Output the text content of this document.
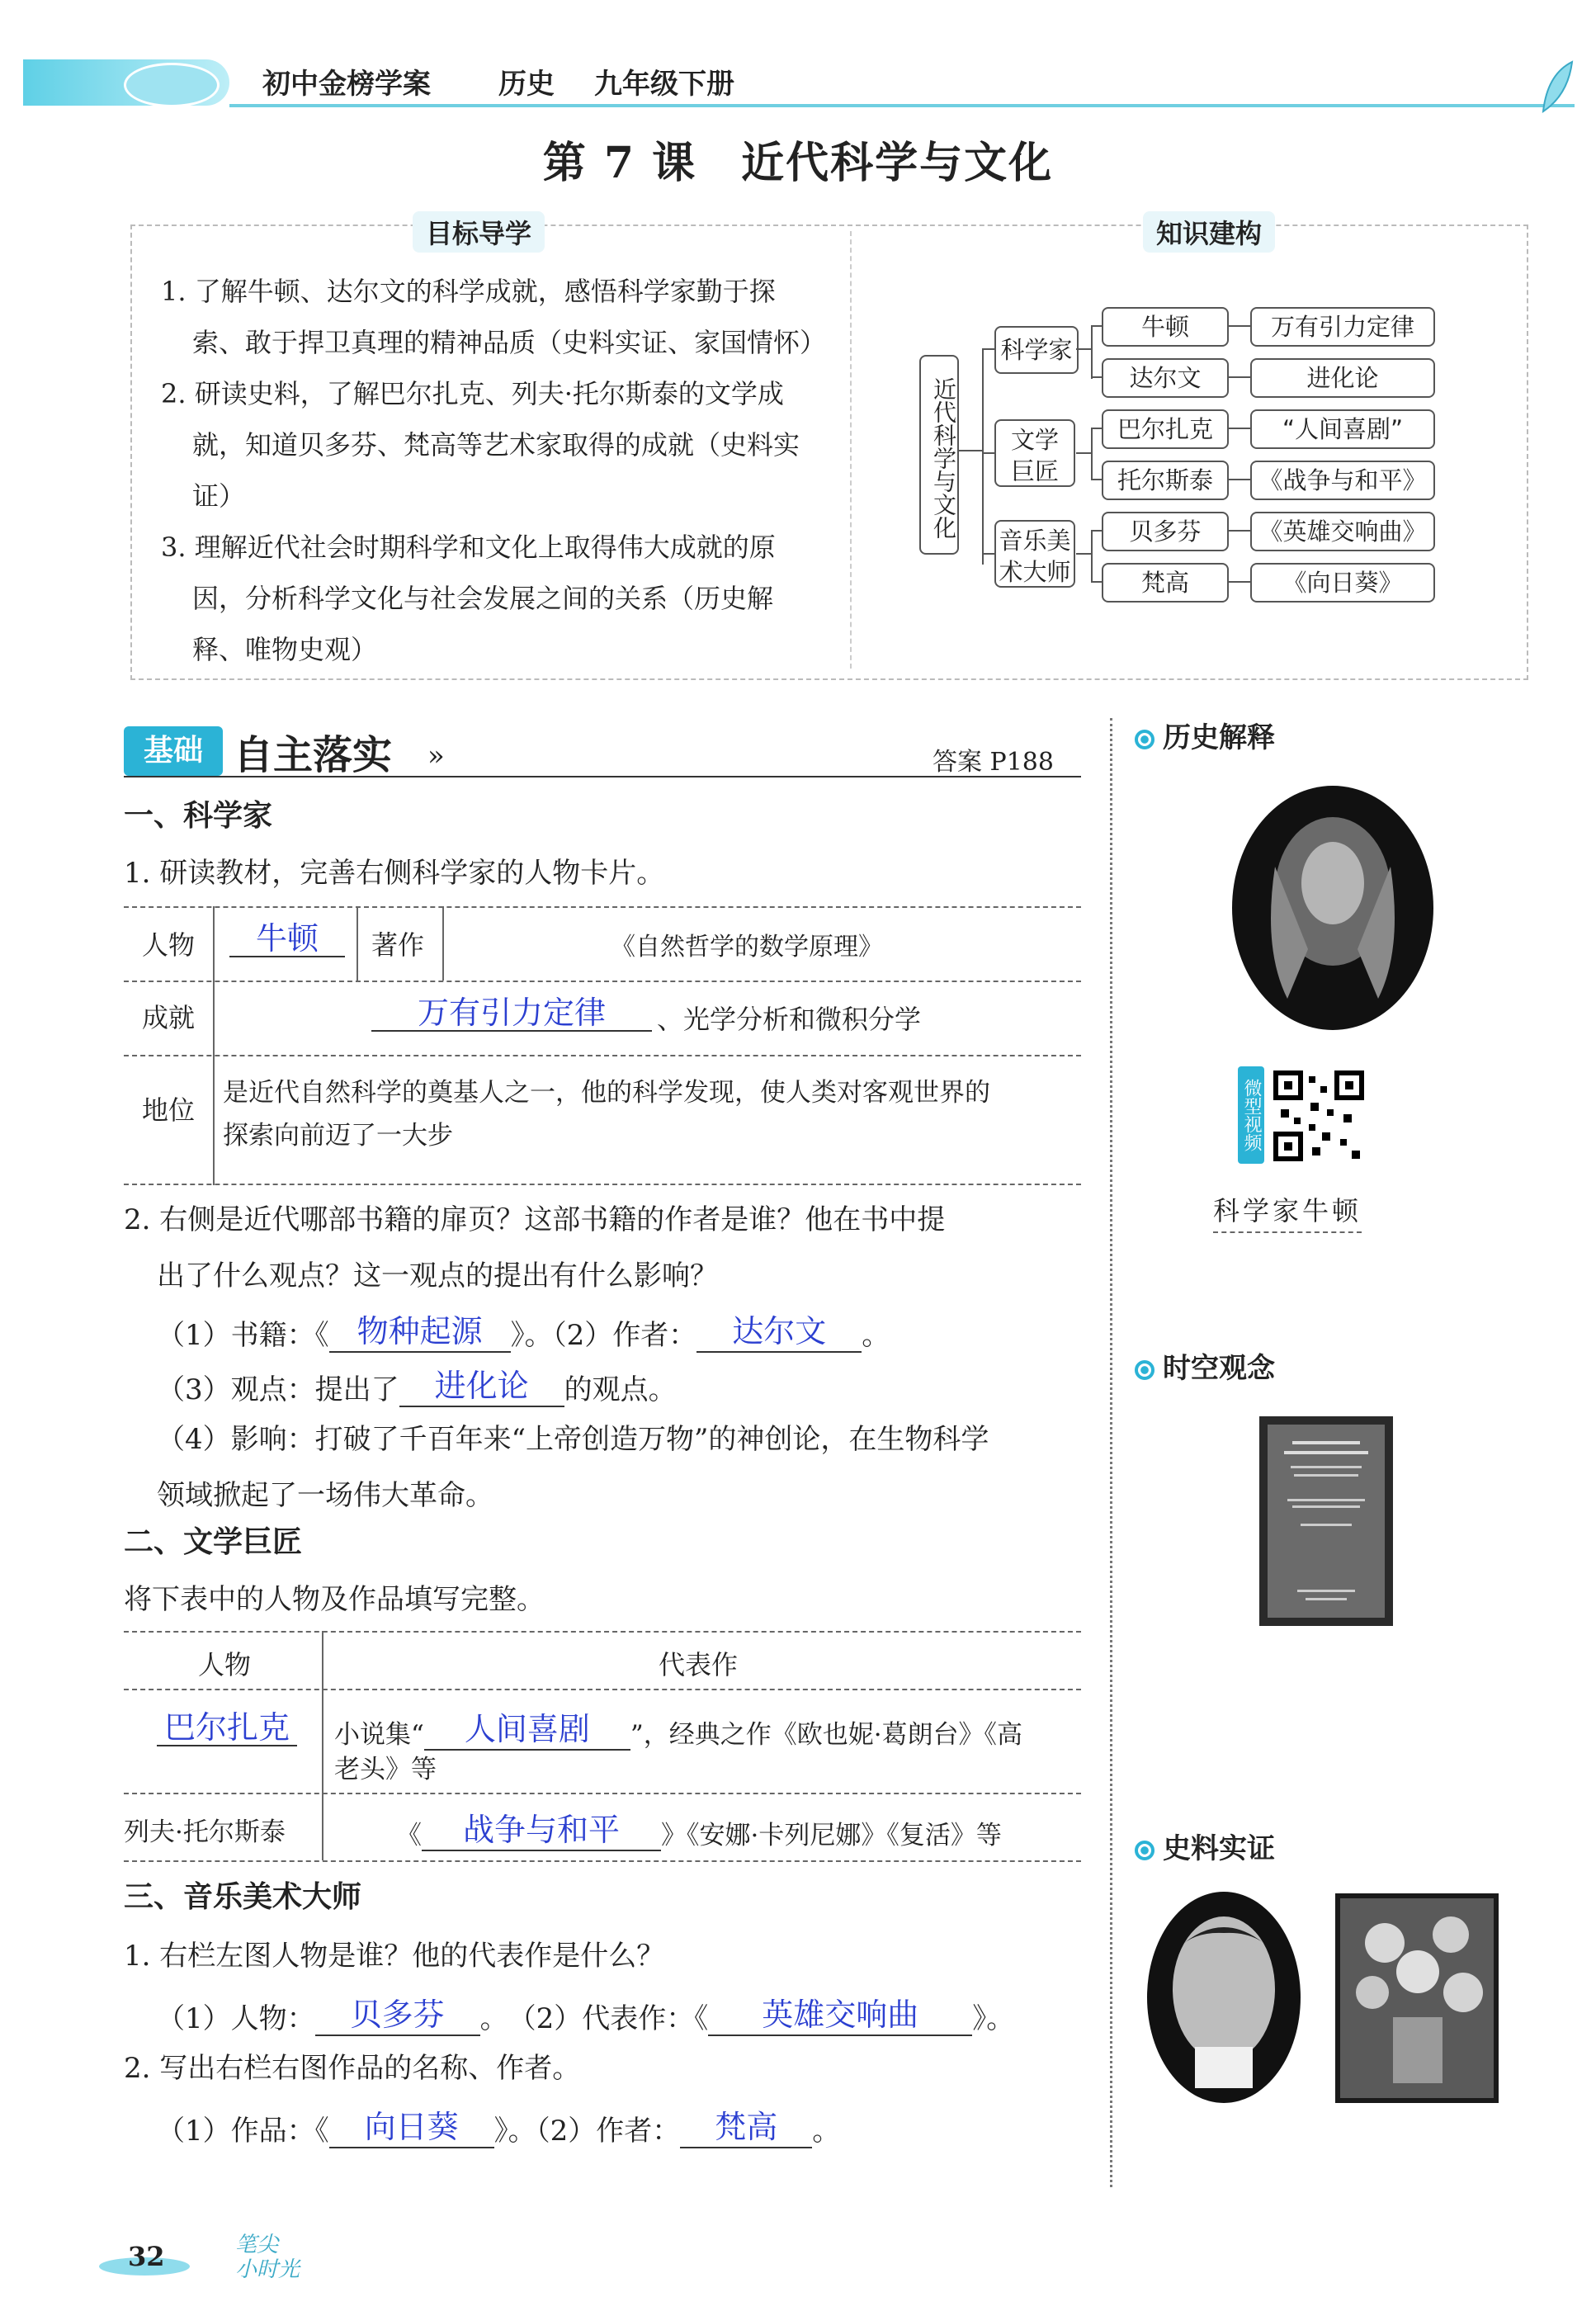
初中金榜学案 历史 九年级下册
第 7 课　近代科学与文化
目标导学	知识建构
1. 了解牛顿、达尔文的科学成就，感悟科学家勤于探
索、敢于捍卫真理的精神品质（史料实证、家国情怀）
2. 研读史料，了解巴尔扎克、列夫·托尔斯泰的文学成
就，知道贝多芬、梵高等艺术家取得的成就（史料实
证）
3. 理解近代社会时期科学和文化上取得伟大成就的原
因，分析科学文化与社会发展之间的关系（历史解
释、唯物史观）
近代科学与文化
科学家
文学
巨匠
音乐美
术大师
牛顿	万有引力定律
达尔文	进化论
巴尔扎克	“人间喜剧”
托尔斯泰	《战争与和平》
贝多芬	《英雄交响曲》
梵高	《向日葵》
基础 自主落实 »	答案 P188
一、科学家
1. 研读教材，完善右侧科学家的人物卡片。
人物	牛顿	著作	《自然哲学的数学原理》
成就	万有引力定律	、光学分析和微积分学
地位
是近代自然科学的奠基人之一，他的科学发现，使人类对客观世界的
探索向前迈了一大步
2. 右侧是近代哪部书籍的扉页？这部书籍的作者是谁？他在书中提
出了什么观点？这一观点的提出有什么影响？
（1）书籍：《 物种起源 》。（2）作者： 达尔文 。
（3）观点：提出了 进化论 的观点。
（4）影响：打破了千百年来“上帝创造万物”的神创论，在生物科学
领域掀起了一场伟大革命。
二、文学巨匠
将下表中的人物及作品填写完整。
人物	代表作
巴尔扎克 小说集“ 人间喜剧 ”，经典之作《欧也妮·葛朗台》《高
老头》等
列夫·托尔斯泰	《 战争与和平 》《安娜·卡列尼娜》《复活》等
三、音乐美术大师
1. 右栏左图人物是谁？他的代表作是什么？
（1）人物： 贝多芬 。　（2）代表作：《 英雄交响曲 》。
2. 写出右栏右图作品的名称、作者。
（1）作品：《 向日葵 》。（2）作者： 梵高 。
历史解释
微型视频
科学家牛顿
时空观念
史料实证
32	笔尖
小时光
